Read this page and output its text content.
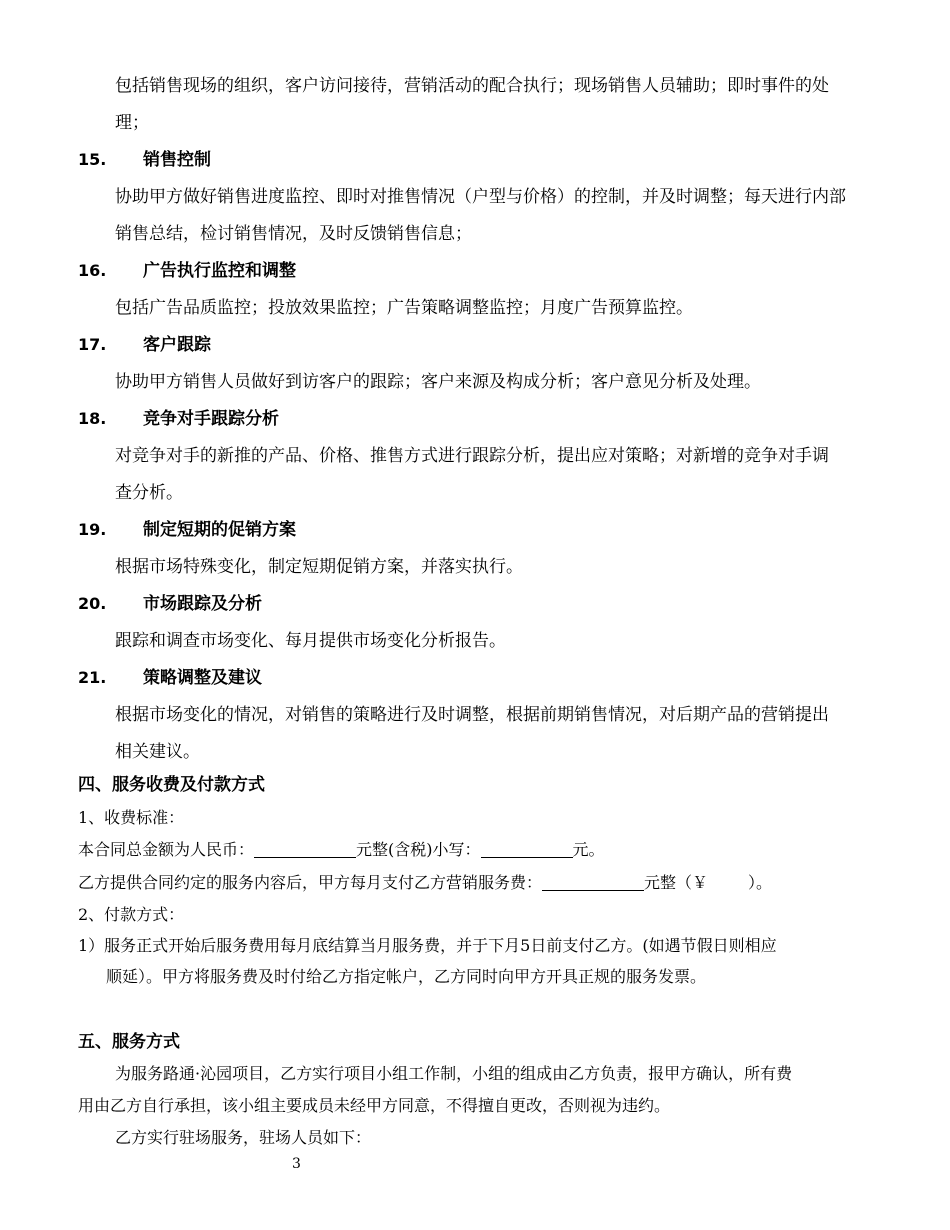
包括销售现场的组织，客户访问接待，营销活动的配合执行；现场销售人员辅助；即时事件的处
理；
15. 销售控制
协助甲方做好销售进度监控、即时对推售情况（户型与价格）的控制，并及时调整；每天进行内部
销售总结，检讨销售情况，及时反馈销售信息；
16. 广告执行监控和调整
包括广告品质监控；投放效果监控；广告策略调整监控；月度广告预算监控。
17. 客户跟踪
协助甲方销售人员做好到访客户的跟踪；客户来源及构成分析；客户意见分析及处理。
18. 竞争对手跟踪分析
对竞争对手的新推的产品、价格、推售方式进行跟踪分析，提出应对策略；对新增的竞争对手调
查分析。
19. 制定短期的促销方案
根据市场特殊变化，制定短期促销方案，并落实执行。
20. 市场跟踪及分析
跟踪和调查市场变化、每月提供市场变化分析报告。
21. 策略调整及建议
根据市场变化的情况，对销售的策略进行及时调整，根据前期销售情况，对后期产品的营销提出
相关建议。
四、服务收费及付款方式
1、收费标准：
本合同总金额为人民币：	元整(含税)小写：	元。
乙方提供合同约定的服务内容后，甲方每月支付乙方营销服务费：	元整（￥	）。
2、付款方式：
1）服务正式开始后服务费用每月底结算当月服务费，并于下月5日前支付乙方。(如遇节假日则相应
顺延）。甲方将服务费及时付给乙方指定帐户，乙方同时向甲方开具正规的服务发票。
五、服务方式
为服务路通·沁园项目，乙方实行项目小组工作制，小组的组成由乙方负责，报甲方确认，所有费
用由乙方自行承担，该小组主要成员未经甲方同意，不得擅自更改，否则视为违约。
乙方实行驻场服务，驻场人员如下：
3
